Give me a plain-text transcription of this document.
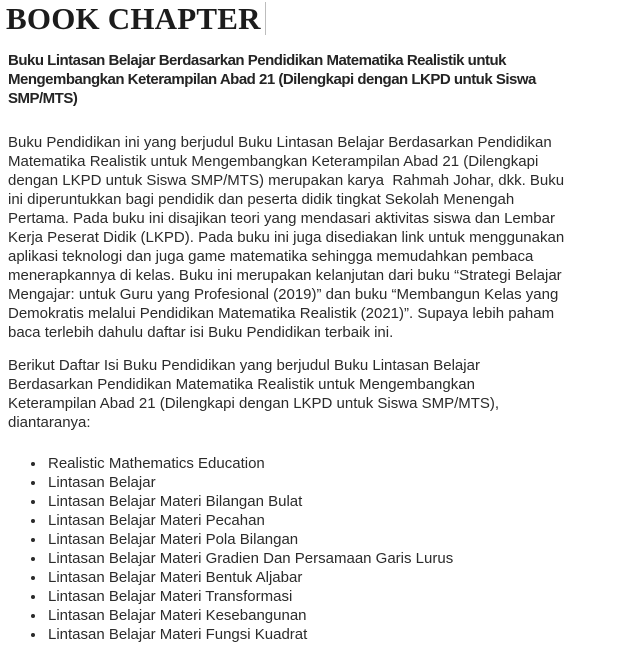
BOOK CHAPTER
Buku Lintasan Belajar Berdasarkan Pendidikan Matematika Realistik untuk
Mengembangkan Keterampilan Abad 21 (Dilengkapi dengan LKPD untuk Siswa
SMP/MTS)
Buku Pendidikan ini yang berjudul Buku Lintasan Belajar Berdasarkan Pendidikan
Matematika Realistik untuk Mengembangkan Keterampilan Abad 21 (Dilengkapi
dengan LKPD untuk Siswa SMP/MTS) merupakan karya  Rahmah Johar, dkk. Buku
ini diperuntukkan bagi pendidik dan peserta didik tingkat Sekolah Menengah
Pertama. Pada buku ini disajikan teori yang mendasari aktivitas siswa dan Lembar
Kerja Peserat Didik (LKPD). Pada buku ini juga disediakan link untuk menggunakan
aplikasi teknologi dan juga game matematika sehingga memudahkan pembaca
menerapkannya di kelas. Buku ini merupakan kelanjutan dari buku “Strategi Belajar
Mengajar: untuk Guru yang Profesional (2019)” dan buku “Membangun Kelas yang
Demokratis melalui Pendidikan Matematika Realistik (2021)”. Supaya lebih paham
baca terlebih dahulu daftar isi Buku Pendidikan terbaik ini.
Berikut Daftar Isi Buku Pendidikan yang berjudul Buku Lintasan Belajar
Berdasarkan Pendidikan Matematika Realistik untuk Mengembangkan
Keterampilan Abad 21 (Dilengkapi dengan LKPD untuk Siswa SMP/MTS),
diantaranya:
• Realistic Mathematics Education
• Lintasan Belajar
• Lintasan Belajar Materi Bilangan Bulat
• Lintasan Belajar Materi Pecahan
• Lintasan Belajar Materi Pola Bilangan
• Lintasan Belajar Materi Gradien Dan Persamaan Garis Lurus
• Lintasan Belajar Materi Bentuk Aljabar
• Lintasan Belajar Materi Transformasi
• Lintasan Belajar Materi Kesebangunan
• Lintasan Belajar Materi Fungsi Kuadrat
